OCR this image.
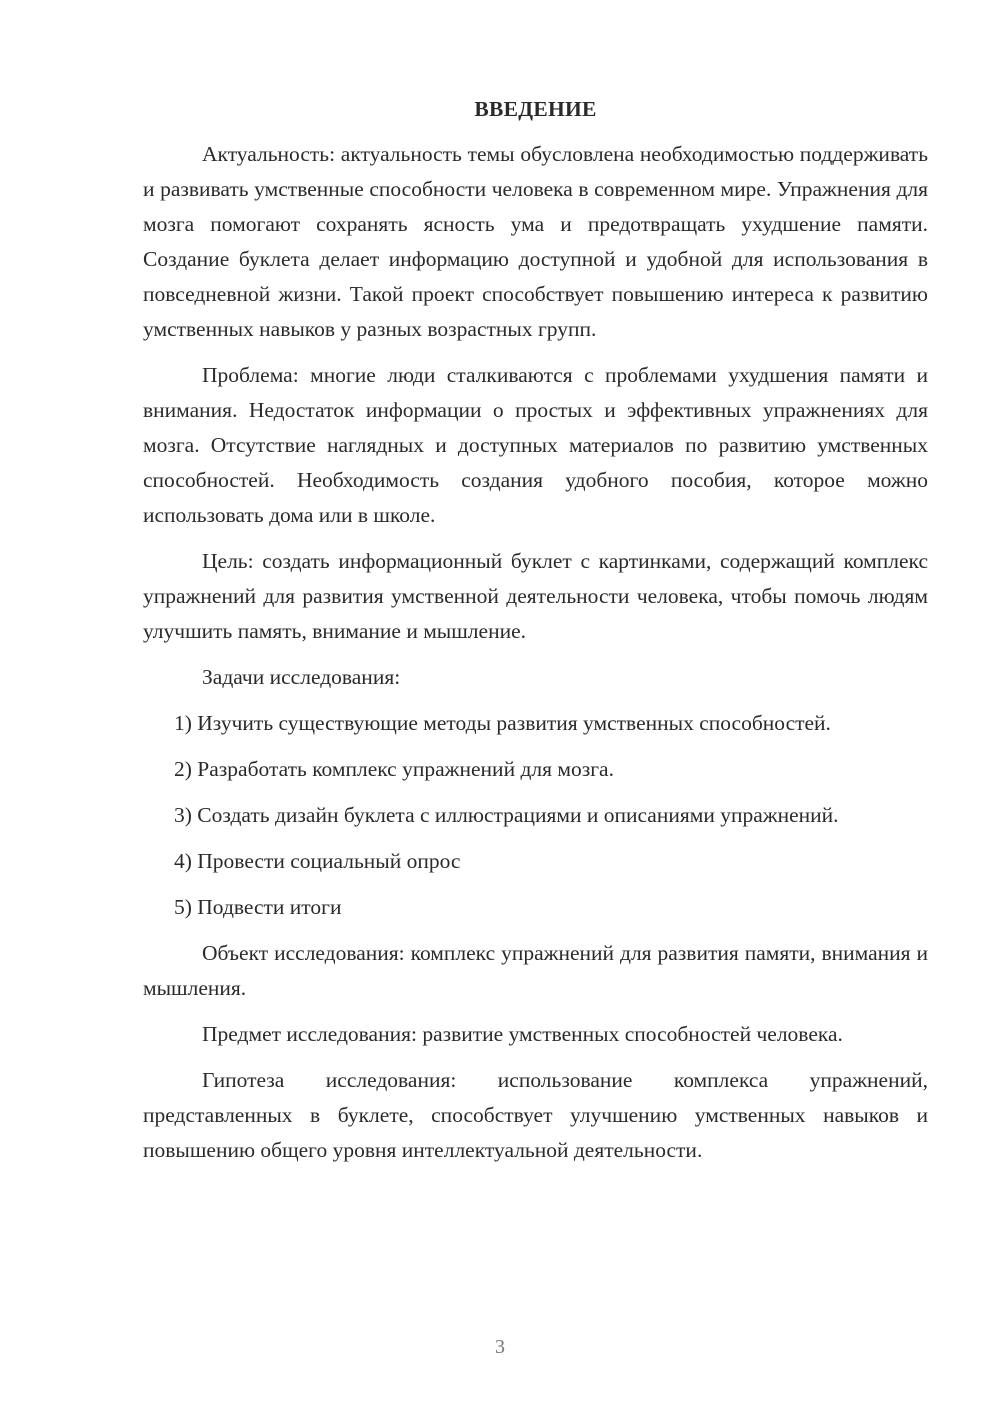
ВВЕДЕНИЕ

Актуальность: актуальность темы обусловлена необходимостью поддерживать и развивать умственные способности человека в современном мире. Упражнения для мозга помогают сохранять ясность ума и предотвращать ухудшение памяти. Создание буклета делает информацию доступной и удобной для использования в повседневной жизни. Такой проект способствует повышению интереса к развитию умственных навыков у разных возрастных групп.

Проблема: многие люди сталкиваются с проблемами ухудшения памяти и внимания. Недостаток информации о простых и эффективных упражнениях для мозга. Отсутствие наглядных и доступных материалов по развитию умственных способностей. Необходимость создания удобного пособия, которое можно использовать дома или в школе.

Цель: создать информационный буклет с картинками, содержащий комплекс упражнений для развития умственной деятельности человека, чтобы помочь людям улучшить память, внимание и мышление.

Задачи исследования:

1) Изучить существующие методы развития умственных способностей.

2) Разработать комплекс упражнений для мозга.

3) Создать дизайн буклета с иллюстрациями и описаниями упражнений.

4) Провести социальный опрос

5) Подвести итоги

Объект исследования: комплекс упражнений для развития памяти, внимания и мышления.

Предмет исследования: развитие умственных способностей человека.

Гипотеза исследования: использование комплекса упражнений, представленных в буклете, способствует улучшению умственных навыков и повышению общего уровня интеллектуальной деятельности.

3
